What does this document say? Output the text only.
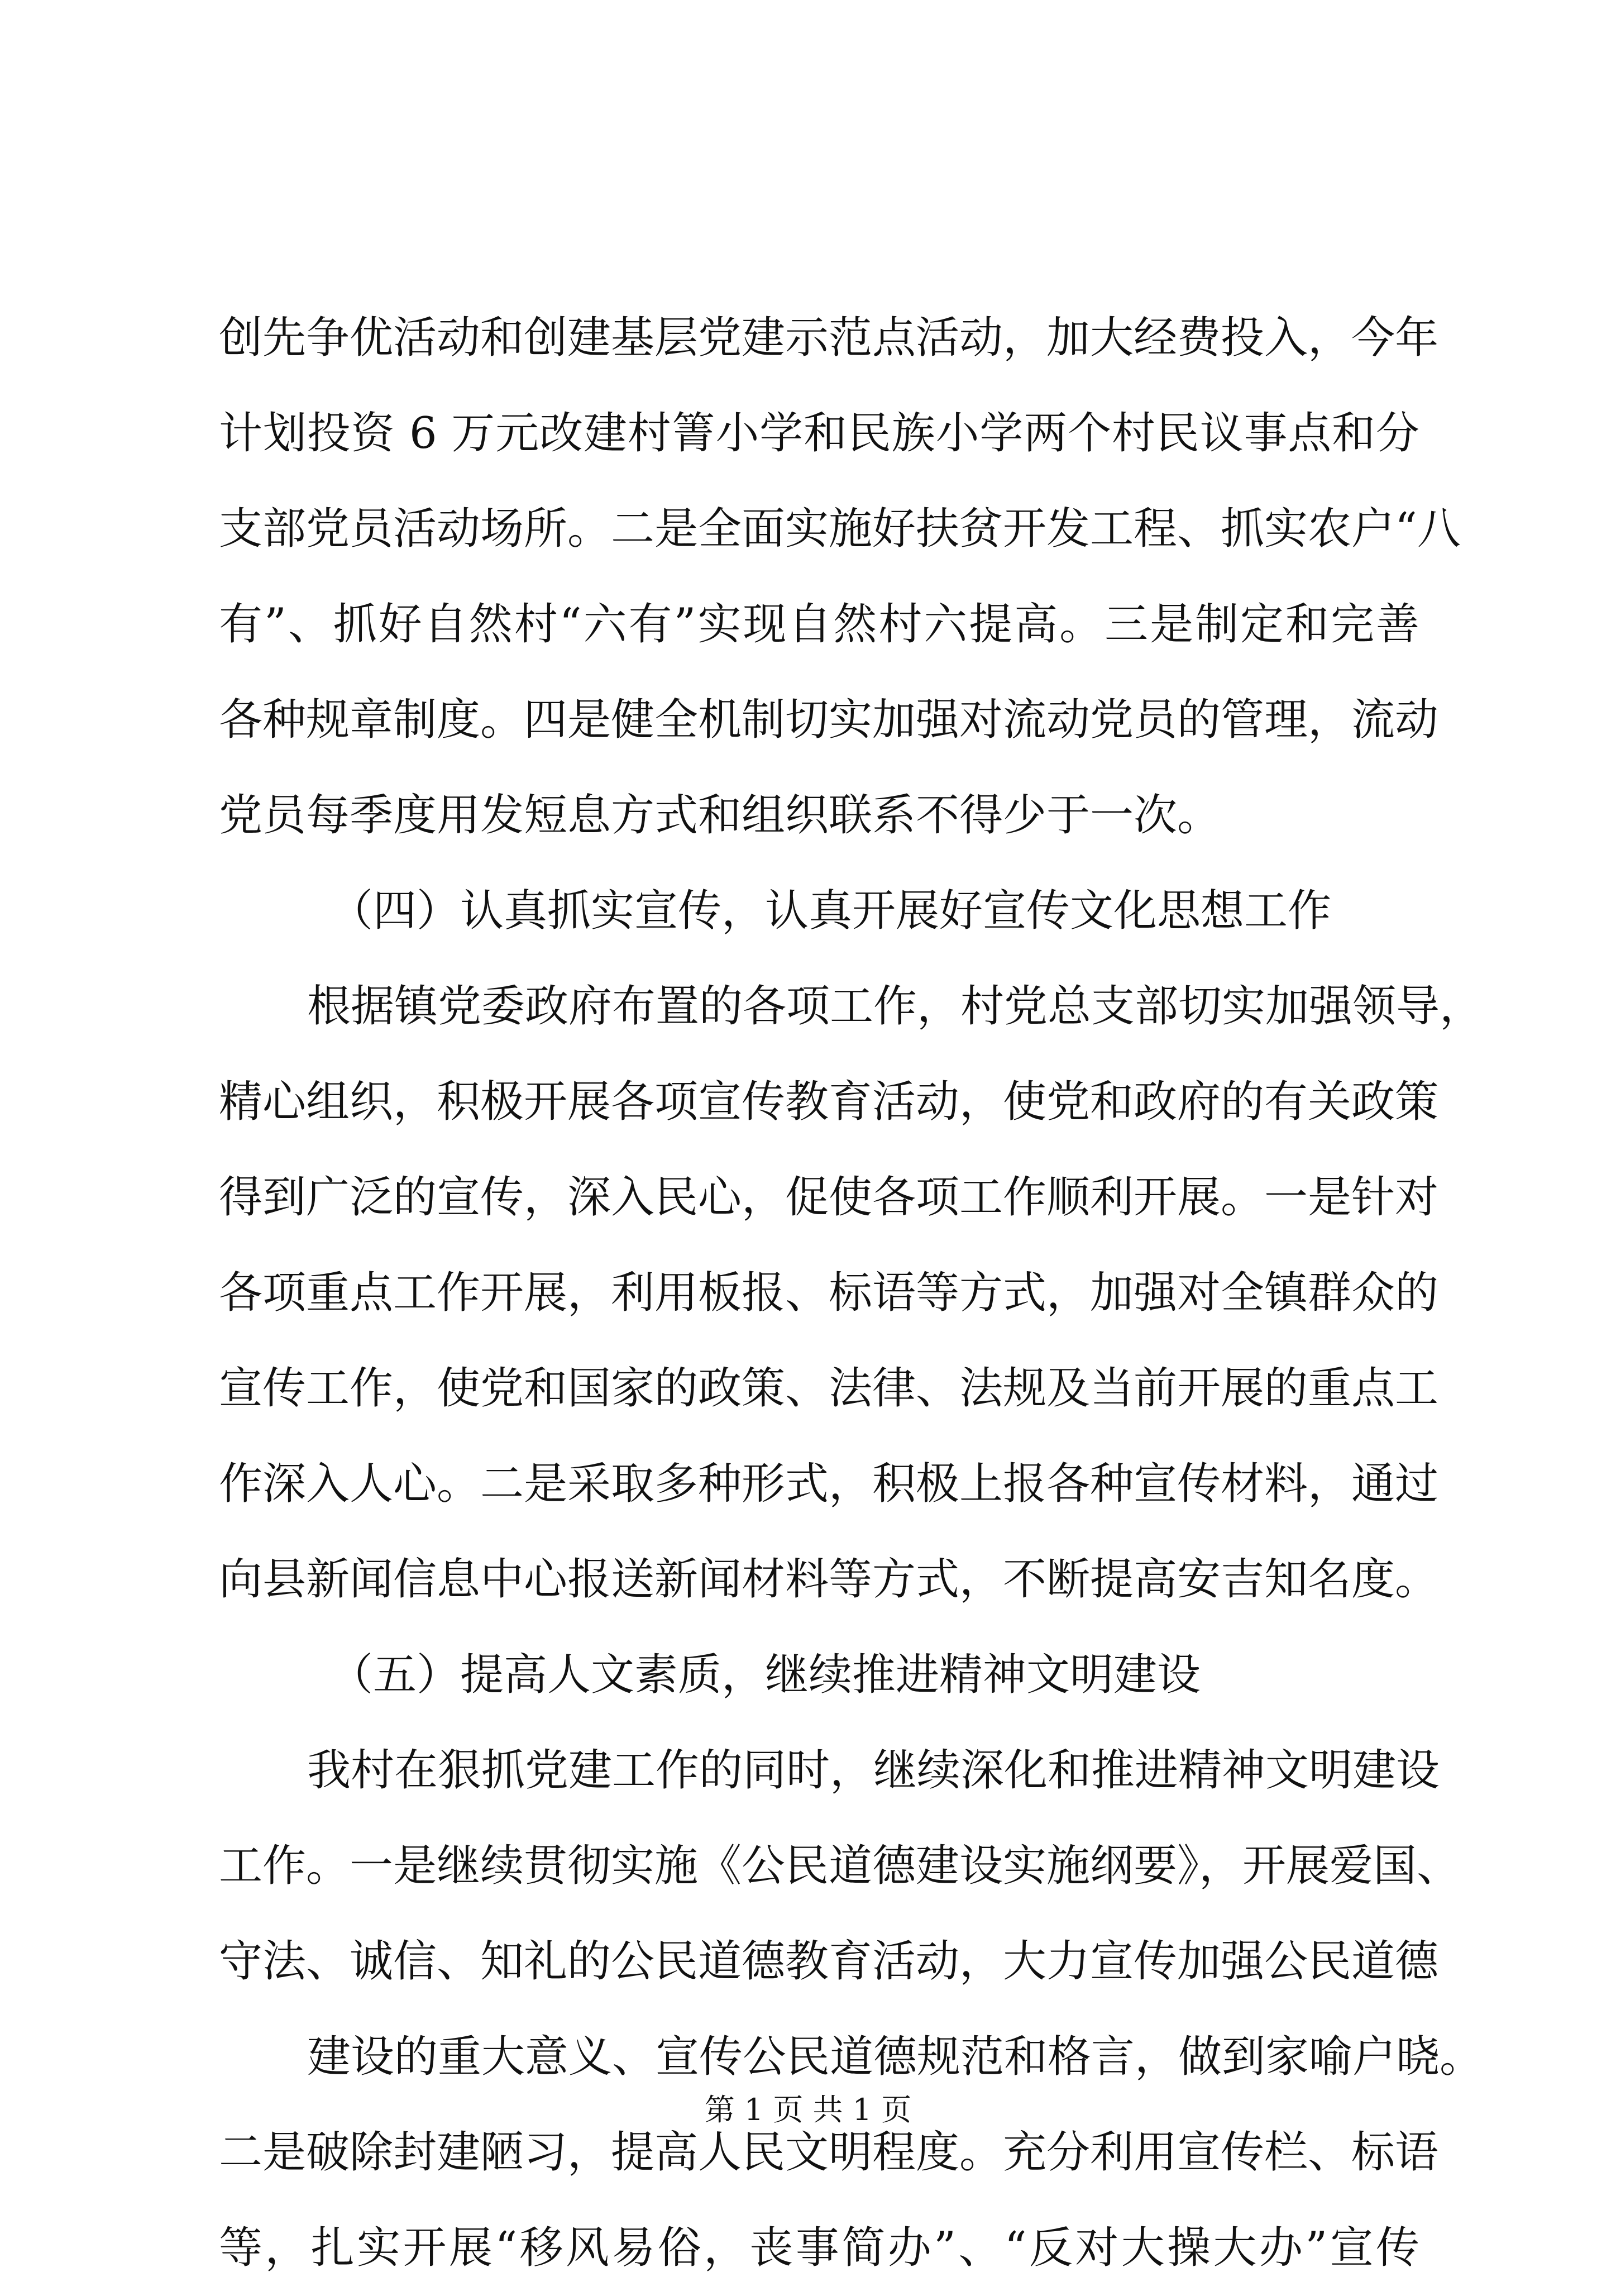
创先争优活动和创建基层党建示范点活动，加大经费投入，今年
计划投资 6 万元改建村箐小学和民族小学两个村民议事点和分
支部党员活动场所。二是全面实施好扶贫开发工程、抓实农户“八
有”、抓好自然村“六有”实现自然村六提高。三是制定和完善
各种规章制度。四是健全机制切实加强对流动党员的管理，流动
党员每季度用发短息方式和组织联系不得少于一次。
（四）认真抓实宣传，认真开展好宣传文化思想工作
根据镇党委政府布置的各项工作，村党总支部切实加强领导，
精心组织，积极开展各项宣传教育活动，使党和政府的有关政策
得到广泛的宣传，深入民心，促使各项工作顺利开展。一是针对
各项重点工作开展，利用板报、标语等方式，加强对全镇群众的
宣传工作，使党和国家的政策、法律、法规及当前开展的重点工
作深入人心。二是采取多种形式，积极上报各种宣传材料，通过
向县新闻信息中心报送新闻材料等方式，不断提高安吉知名度。
（五）提高人文素质，继续推进精神文明建设
我村在狠抓党建工作的同时，继续深化和推进精神文明建设
工作。一是继续贯彻实施《公民道德建设实施纲要》，开展爱国、
守法、诚信、知礼的公民道德教育活动，大力宣传加强公民道德
建设的重大意义、宣传公民道德规范和格言，做到家喻户晓。
二是破除封建陋习，提高人民文明程度。充分利用宣传栏、标语
等，扎实开展“移风易俗，丧事简办”、“反对大操大办”宣传
第 1 页 共 1 页
